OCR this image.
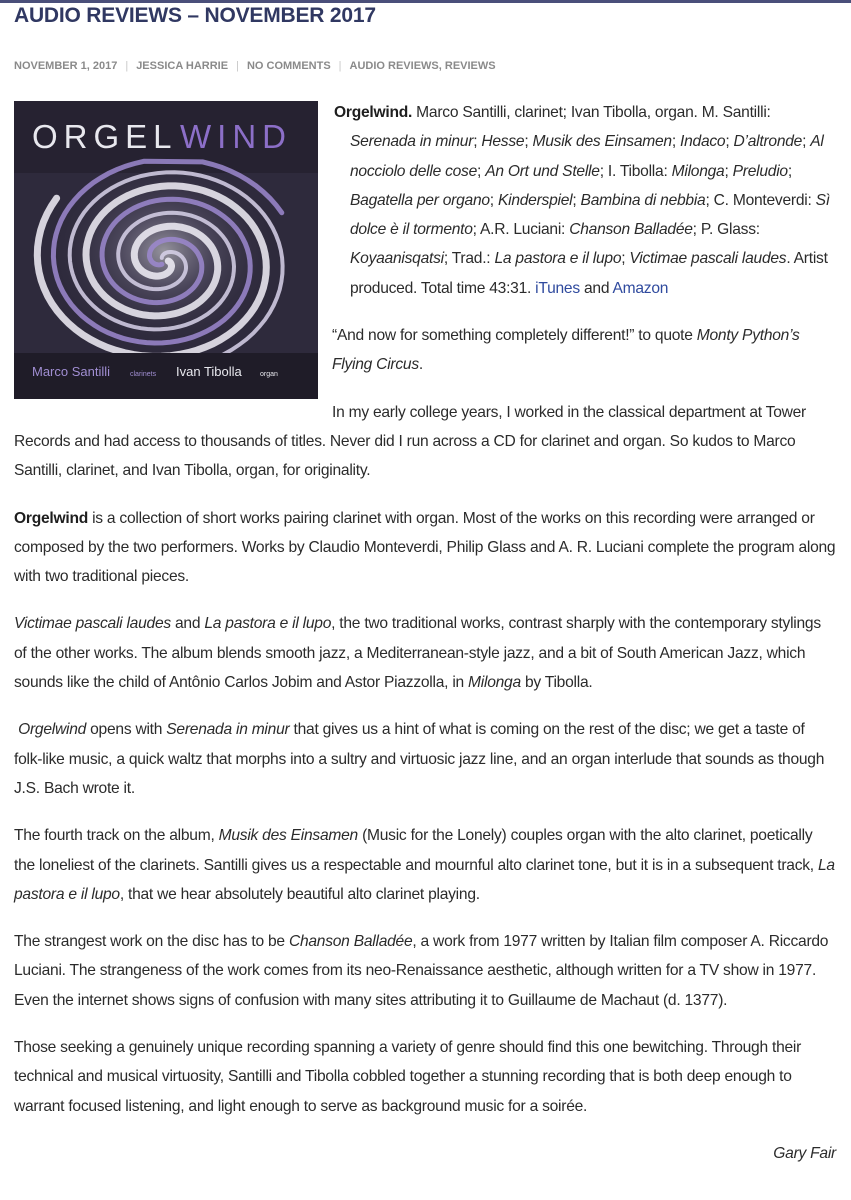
AUDIO REVIEWS – NOVEMBER 2017
NOVEMBER 1, 2017 | JESSICA HARRIE | NO COMMENTS | AUDIO REVIEWS, REVIEWS
ORGEL WIND
Marco Santilli	clarinets Ivan Tibolla	organ

Orgelwind. Marco Santilli, clarinet; Ivan Tibolla, organ. M. Santilli: Serenada in minur; Hesse; Musik des Einsamen; Indaco; D’altronde; Al nocciolo delle cose; An Ort und Stelle; I. Tibolla: Milonga; Preludio; Bagatella per organo; Kinderspiel; Bambina di nebbia; C. Monteverdi: Sì dolce è il tormento; A.R. Luciani: Chanson Balladée; P. Glass: Koyaanisqatsi; Trad.: La pastora e il lupo; Victimae pascali laudes. Artist produced. Total time 43:31. iTunes and Amazon

“And now for something completely different!” to quote Monty Python’s Flying Circus.

In my early college years, I worked in the classical department at Tower Records and had access to thousands of titles. Never did I run across a CD for clarinet and organ. So kudos to Marco Santilli, clarinet, and Ivan Tibolla, organ, for originality.

Orgelwind is a collection of short works pairing clarinet with organ. Most of the works on this recording were arranged or composed by the two performers. Works by Claudio Monteverdi, Philip Glass and A. R. Luciani complete the program along with two traditional pieces.

Victimae pascali laudes and La pastora e il lupo, the two traditional works, contrast sharply with the contemporary stylings of the other works. The album blends smooth jazz, a Mediterranean-style jazz, and a bit of South American Jazz, which sounds like the child of Antônio Carlos Jobim and Astor Piazzolla, in Milonga by Tibolla.

Orgelwind opens with Serenada in minur that gives us a hint of what is coming on the rest of the disc; we get a taste of folk-like music, a quick waltz that morphs into a sultry and virtuosic jazz line, and an organ interlude that sounds as though J.S. Bach wrote it.

The fourth track on the album, Musik des Einsamen (Music for the Lonely) couples organ with the alto clarinet, poetically the loneliest of the clarinets. Santilli gives us a respectable and mournful alto clarinet tone, but it is in a subsequent track, La pastora e il lupo, that we hear absolutely beautiful alto clarinet playing.

The strangest work on the disc has to be Chanson Balladée, a work from 1977 written by Italian film composer A. Riccardo Luciani. The strangeness of the work comes from its neo-Renaissance aesthetic, although written for a TV show in 1977. Even the internet shows signs of confusion with many sites attributing it to Guillaume de Machaut (d. 1377).

Those seeking a genuinely unique recording spanning a variety of genre should find this one bewitching. Through their technical and musical virtuosity, Santilli and Tibolla cobbled together a stunning recording that is both deep enough to warrant focused listening, and light enough to serve as background music for a soirée.

Gary Fair
